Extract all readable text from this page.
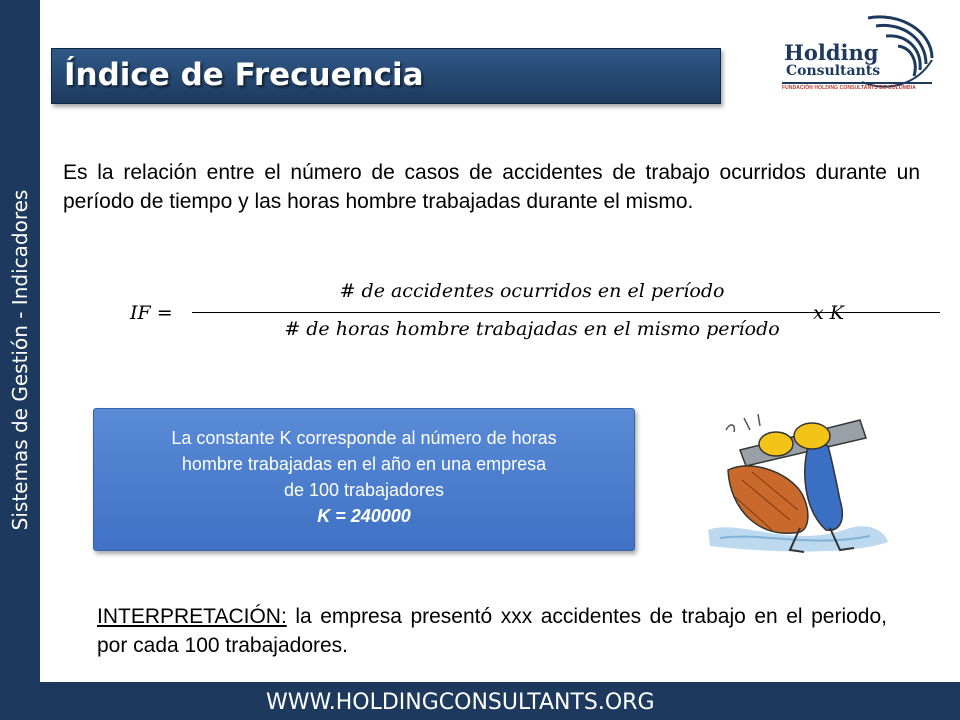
Sistemas de Gestión - Indicadores
WWW.HOLDINGCONSULTANTS.ORG
Índice de Frecuencia
Holding
Consultants
FUNDACIÓN HOLDING CONSULTANTS DE COLOMBIA

Es la relación entre el número de casos de accidentes de trabajo ocurridos durante un período de tiempo y las horas hombre trabajadas durante el mismo.

IF =
# de accidentes ocurridos en el período
# de horas hombre trabajadas en el mismo período
x K
La constante K corresponde al número de horas
hombre trabajadas en el año en una empresa
de 100 trabajadores
K = 240000
INTERPRETACIÓN: la empresa presentó xxx accidentes de trabajo en el periodo, por cada 100 trabajadores.
